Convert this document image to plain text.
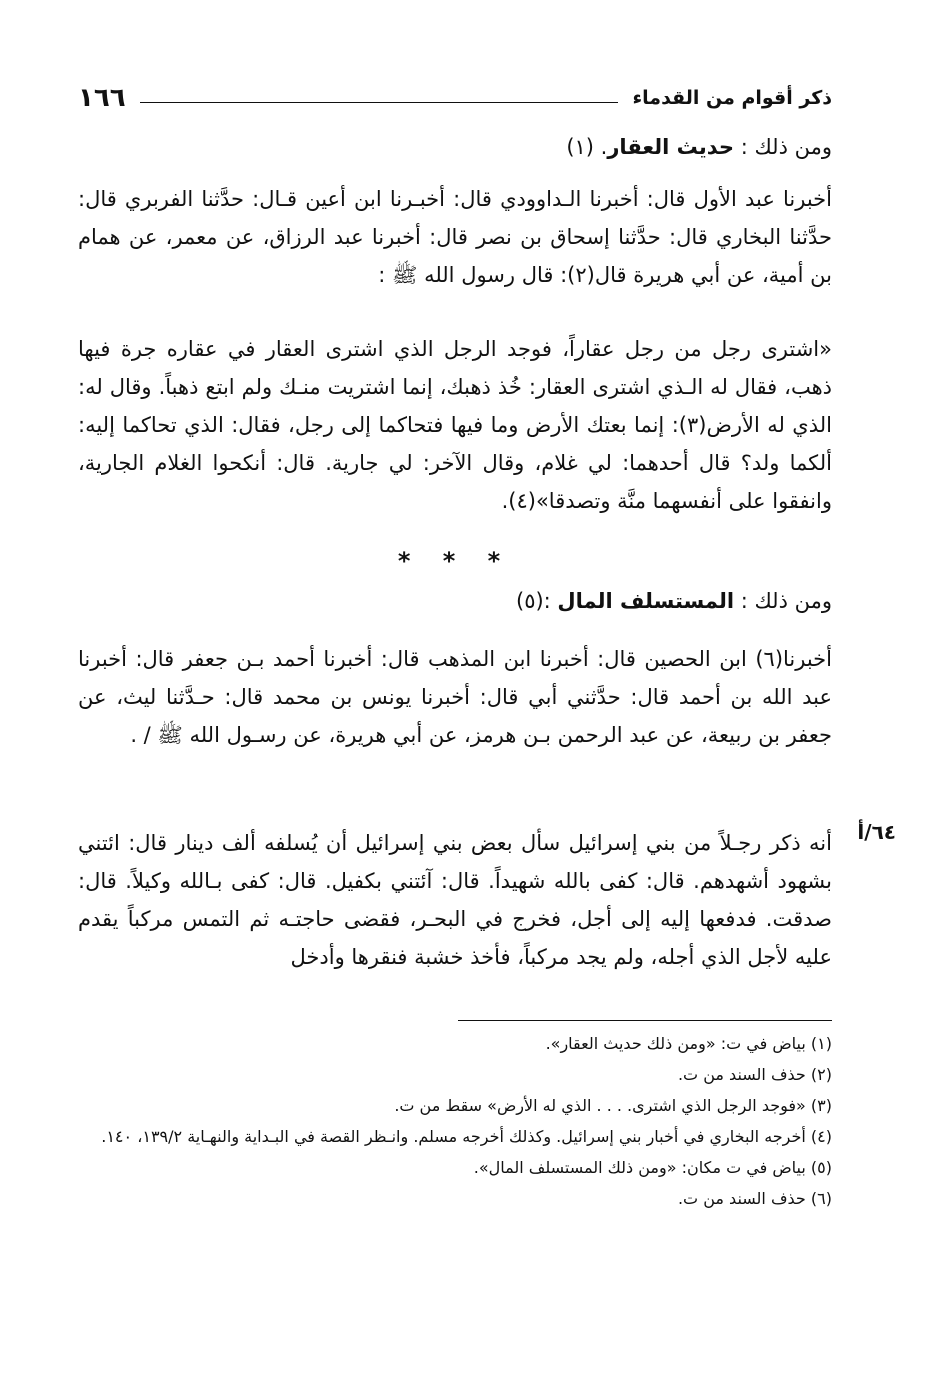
١٦٦	ذكر أقوام من القدماء
ومن ذلك : حديث العقار. (١)
أخبرنا عبد الأول قال: أخبرنا الـداوودي قال: أخبـرنا ابن أعين قـال: حدَّثنا الفربري قال: حدَّثنا البخاري قال: حدَّثنا إسحاق بن نصر قال: أخبرنا عبد الرزاق، عن معمر، عن همام بن أمية، عن أبي هريرة قال(٢): قال رسول الله ﷺ :
«اشترى رجل من رجل عقاراً، فوجد الرجل الذي اشترى العقار في عقاره جرة فيها ذهب، فقال له الـذي اشترى العقار: خُذ ذهبك، إنما اشتريت منـك ولم ابتع ذهباً. وقال له: الذي له الأرض(٣): إنما بعتك الأرض وما فيها فتحاكما إلى رجل، فقال: الذي تحاكما إليه: ألكما ولد؟ قال أحدهما: لي غلام، وقال الآخر: لي جارية. قال: أنكحوا الغلام الجارية، وانفقوا على أنفسهما منَّة وتصدقا»(٤).
* * *
ومن ذلك : المستسلف المال :(٥)
أخبرنا(٦) ابن الحصين قال: أخبرنا ابن المذهب قال: أخبرنا أحمد بـن جعفر قال: أخبرنا عبد الله بن أحمد قال: حدَّثني أبي قال: أخبرنا يونس بن محمد قال: حـدَّثنا ليث، عن جعفر بن ربيعة، عن عبد الرحمن بـن هرمز، عن أبي هريرة، عن رسـول الله ﷺ / .
٦٤/أ
أنه ذكر رجـلاً من بني إسرائيل سأل بعض بني إسرائيل أن يُسلفه ألف دينار قال: ائتني بشهود أشهدهم. قال: كفى بالله شهيداً. قال: آئتني بكفيل. قال: كفى بـالله وكيلاً. قال: صدقت. فدفعها إليه إلى أجل، فخرج في البحـر، فقضى حاجتـه ثم التمس مركباً يقدم عليه لأجل الذي أجله، ولم يجد مركباً، فأخذ خشبة فنقرها وأدخل
(١) بياض في ت: «ومن ذلك حديث العقار».
(٢) حذف السند من ت.
(٣) «فوجد الرجل الذي اشترى. . . . الذي له الأرض» سقط من ت.
(٤) أخرجه البخاري في أخبار بني إسرائيل. وكذلك أخرجه مسلم. وانـظر القصة في البـداية والنهـاية ١٣٩/٢، ١٤٠.
(٥) بياض في ت مكان: «ومن ذلك المستسلف المال».
(٦) حذف السند من ت.
